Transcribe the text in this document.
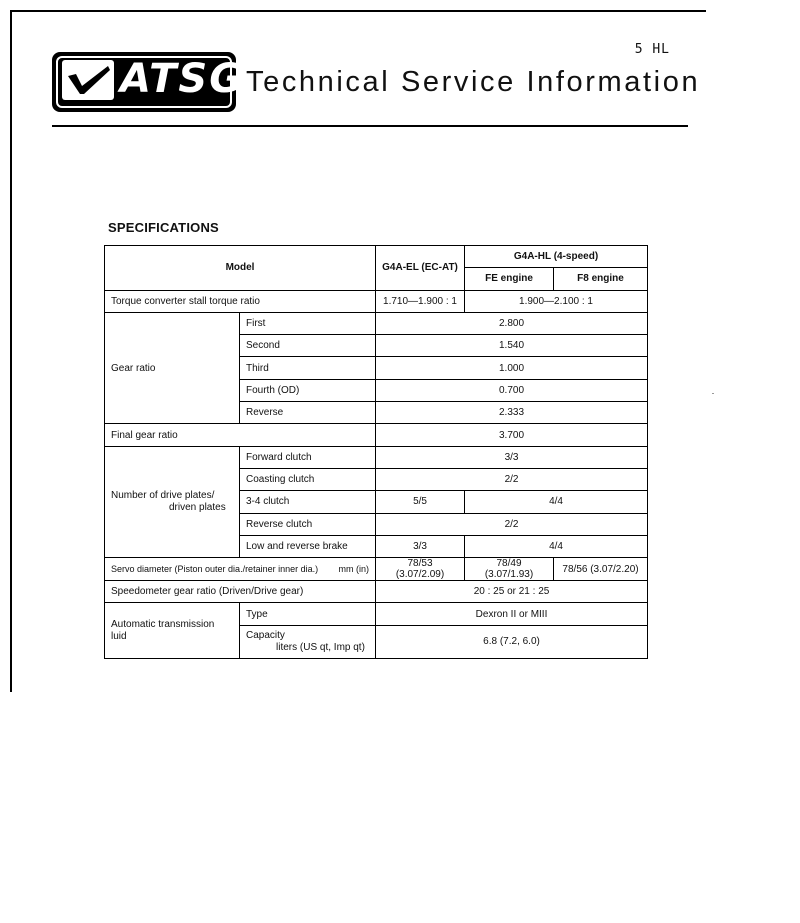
5 HL
ATSG Technical Service Information
SPECIFICATIONS
Model		G4A-EL (EC-AT)	G4A-HL (4-speed)	
			FE engine	F8 engine
Torque converter stall torque ratio		1.710—1.900 : 1	1.900—2.100 : 1	
Gear ratio	First	2.800		
	Second	1.540		
	Third	1.000		
	Fourth (OD)	0.700		
	Reverse	2.333		
Final gear ratio		3.700		
Number of drive plates/
driven plates	Forward clutch	3/3		
	Coasting clutch	2/2		
	3-4 clutch	5/5	4/4	
	Reverse clutch	2/2		
	Low and reverse brake	3/3	4/4	

Servo diameter (Piston outer dia./retainer inner dia.) mm (in)		78/53 (3.07/2.09)	78/49 (3.07/1.93)	78/56 (3.07/2.20)
Speedometer gear ratio (Driven/Drive gear)		20 : 25 or 21 : 25		
Automatic transmission
luid	Type	Dexron II or MIII		
	Capacity
liters (US qt, Imp qt)	6.8 (7.2, 6.0)		
